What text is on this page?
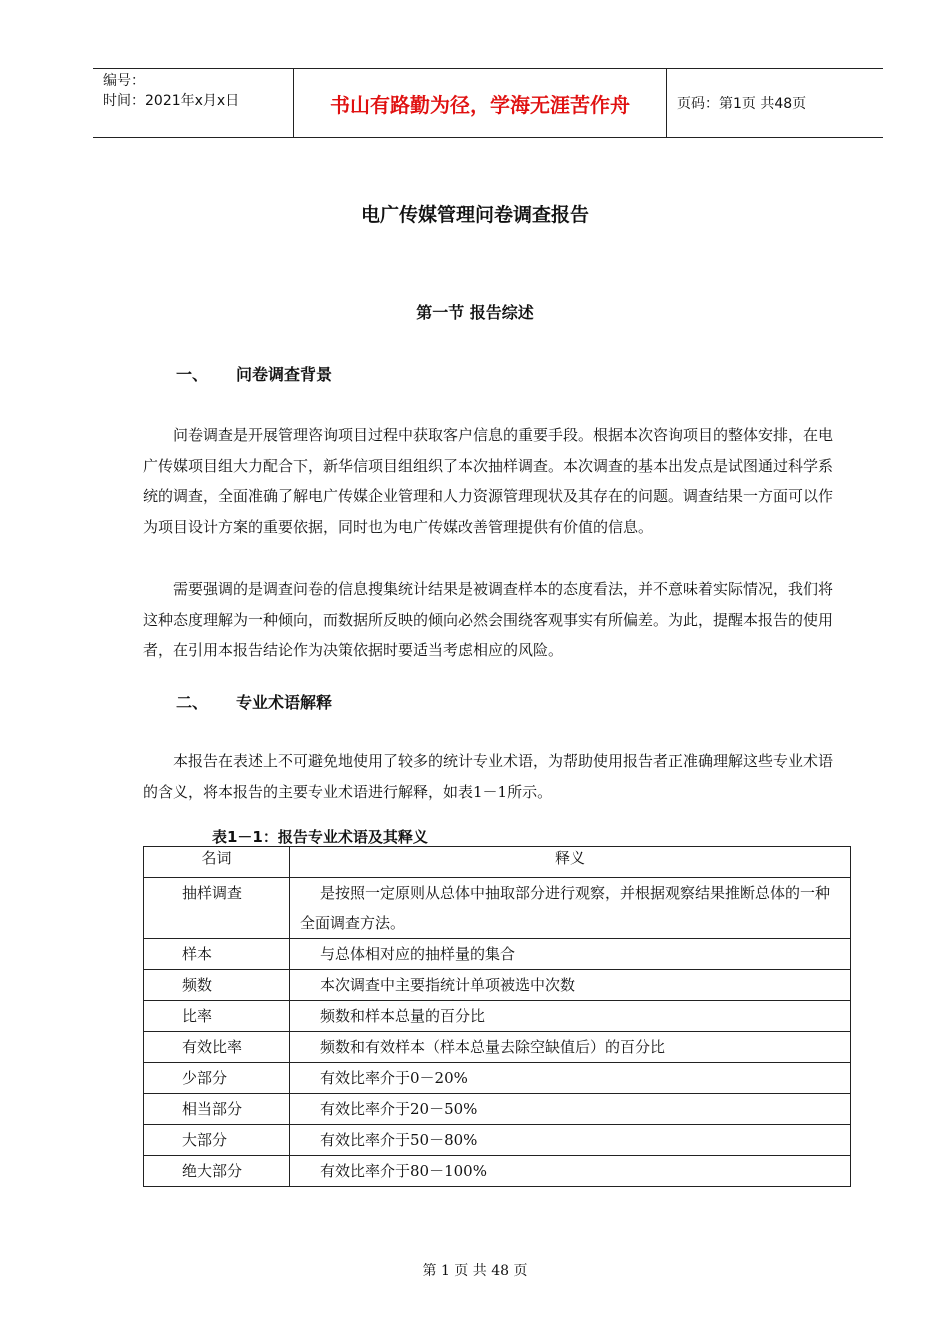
编号：
时间：2021年x月x日	书山有路勤为径，学海无涯苦作舟	页码：第1页 共48页
电广传媒管理问卷调查报告
第一节 报告综述
一、	问卷调查背景

问卷调查是开展管理咨询项目过程中获取客户信息的重要手段。根据本次咨询项目的整体安排，在电广传媒项目组大力配合下，新华信项目组组织了本次抽样调查。本次调查的基本出发点是试图通过科学系统的调查，全面准确了解电广传媒企业管理和人力资源管理现状及其存在的问题。调查结果一方面可以作为项目设计方案的重要依据，同时也为电广传媒改善管理提供有价值的信息。

需要强调的是调查问卷的信息搜集统计结果是被调查样本的态度看法，并不意味着实际情况，我们将这种态度理解为一种倾向，而数据所反映的倾向必然会围绕客观事实有所偏差。为此，提醒本报告的使用者，在引用本报告结论作为决策依据时要适当考虑相应的风险。

二、	专业术语解释

本报告在表述上不可避免地使用了较多的统计专业术语，为帮助使用报告者正准确理解这些专业术语的含义，将本报告的主要专业术语进行解释，如表1－1所示。

表1－1：报告专业术语及其释义
名词	释义
抽样调查	是按照一定原则从总体中抽取部分进行观察，并根据观察结果推断总体的一种全面调查方法。
样本	与总体相对应的抽样量的集合
频数	本次调查中主要指统计单项被选中次数
比率	频数和样本总量的百分比
有效比率	频数和有效样本（样本总量去除空缺值后）的百分比
少部分	有效比率介于0－20%
相当部分	有效比率介于20－50%
大部分	有效比率介于50－80%
绝大部分	有效比率介于80－100%
第 1 页 共 48 页
